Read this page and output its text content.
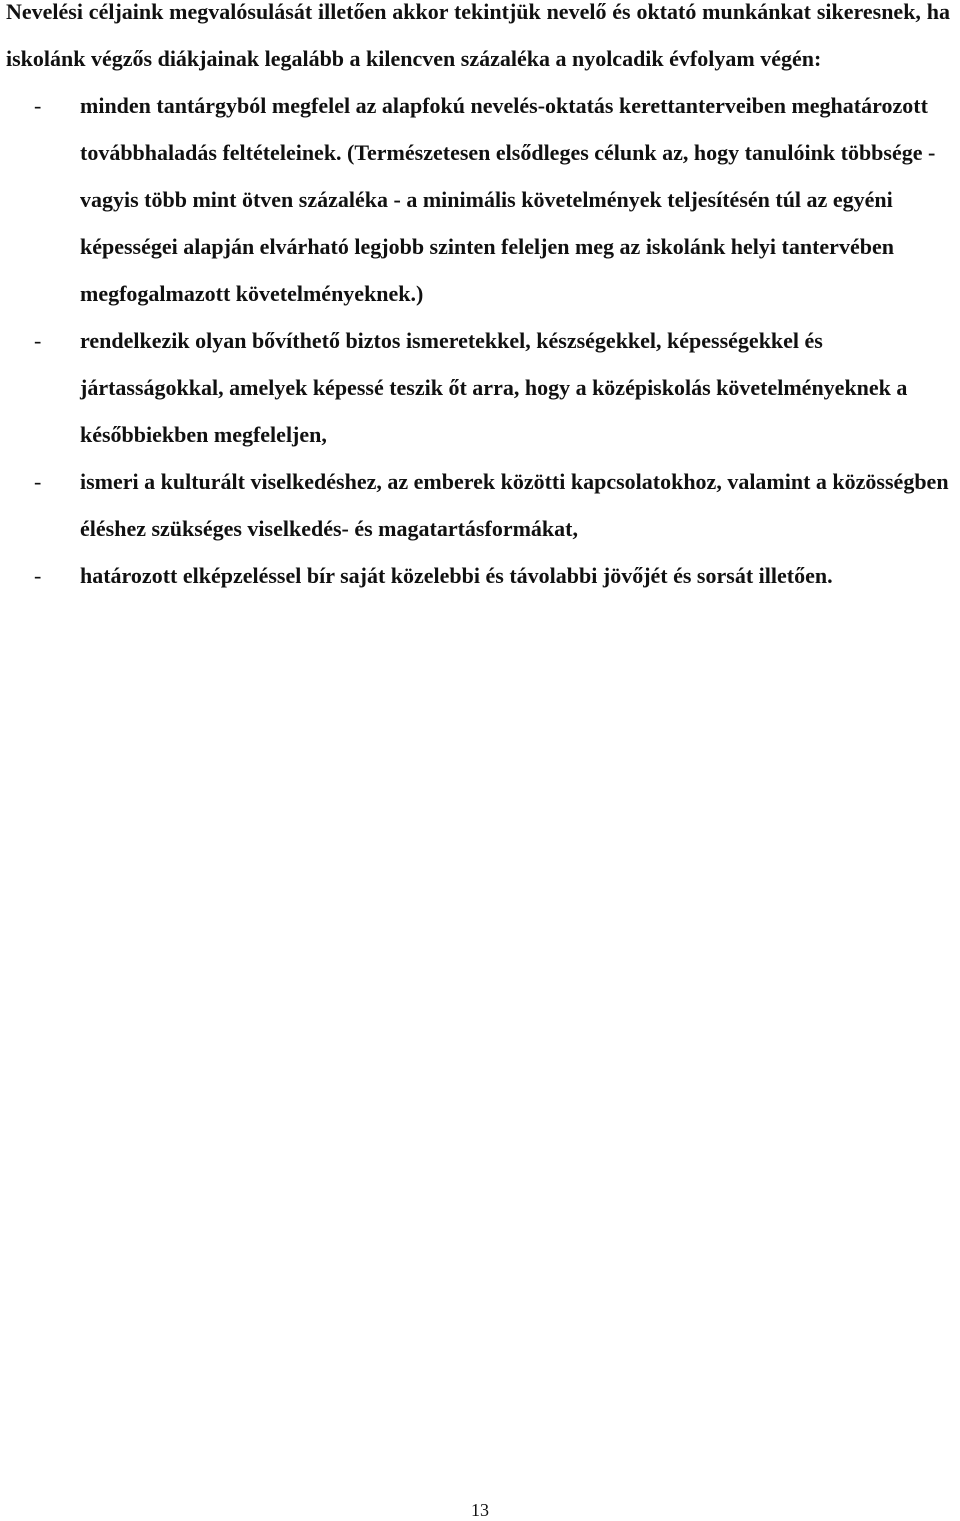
Nevelési céljaink megvalósulását illetően akkor tekintjük nevelő és oktató munkánkat sikeresnek, ha iskolánk végzős diákjainak legalább a kilencven százaléka a nyolcadik évfolyam végén:

-	minden tantárgyból megfelel az alapfokú nevelés-oktatás kerettanterveiben meghatározott továbbhaladás feltételeinek. (Természetesen elsődleges célunk az, hogy tanulóink többsége - vagyis több mint ötven százaléka - a minimális követelmények teljesítésén túl az egyéni képességei alapján elvárható legjobb szinten feleljen meg az iskolánk helyi tantervében megfogalmazott követelményeknek.)
-	rendelkezik olyan bővíthető biztos ismeretekkel, készségekkel, képességekkel és jártasságokkal, amelyek képessé teszik őt arra, hogy a középiskolás követelményeknek a későbbiekben megfeleljen,
-	ismeri a kulturált viselkedéshez, az emberek közötti kapcsolatokhoz, valamint a közösségben éléshez szükséges viselkedés- és magatartásformákat,
-	határozott elképzeléssel bír saját közelebbi és távolabbi jövőjét és sorsát illetően.
13
